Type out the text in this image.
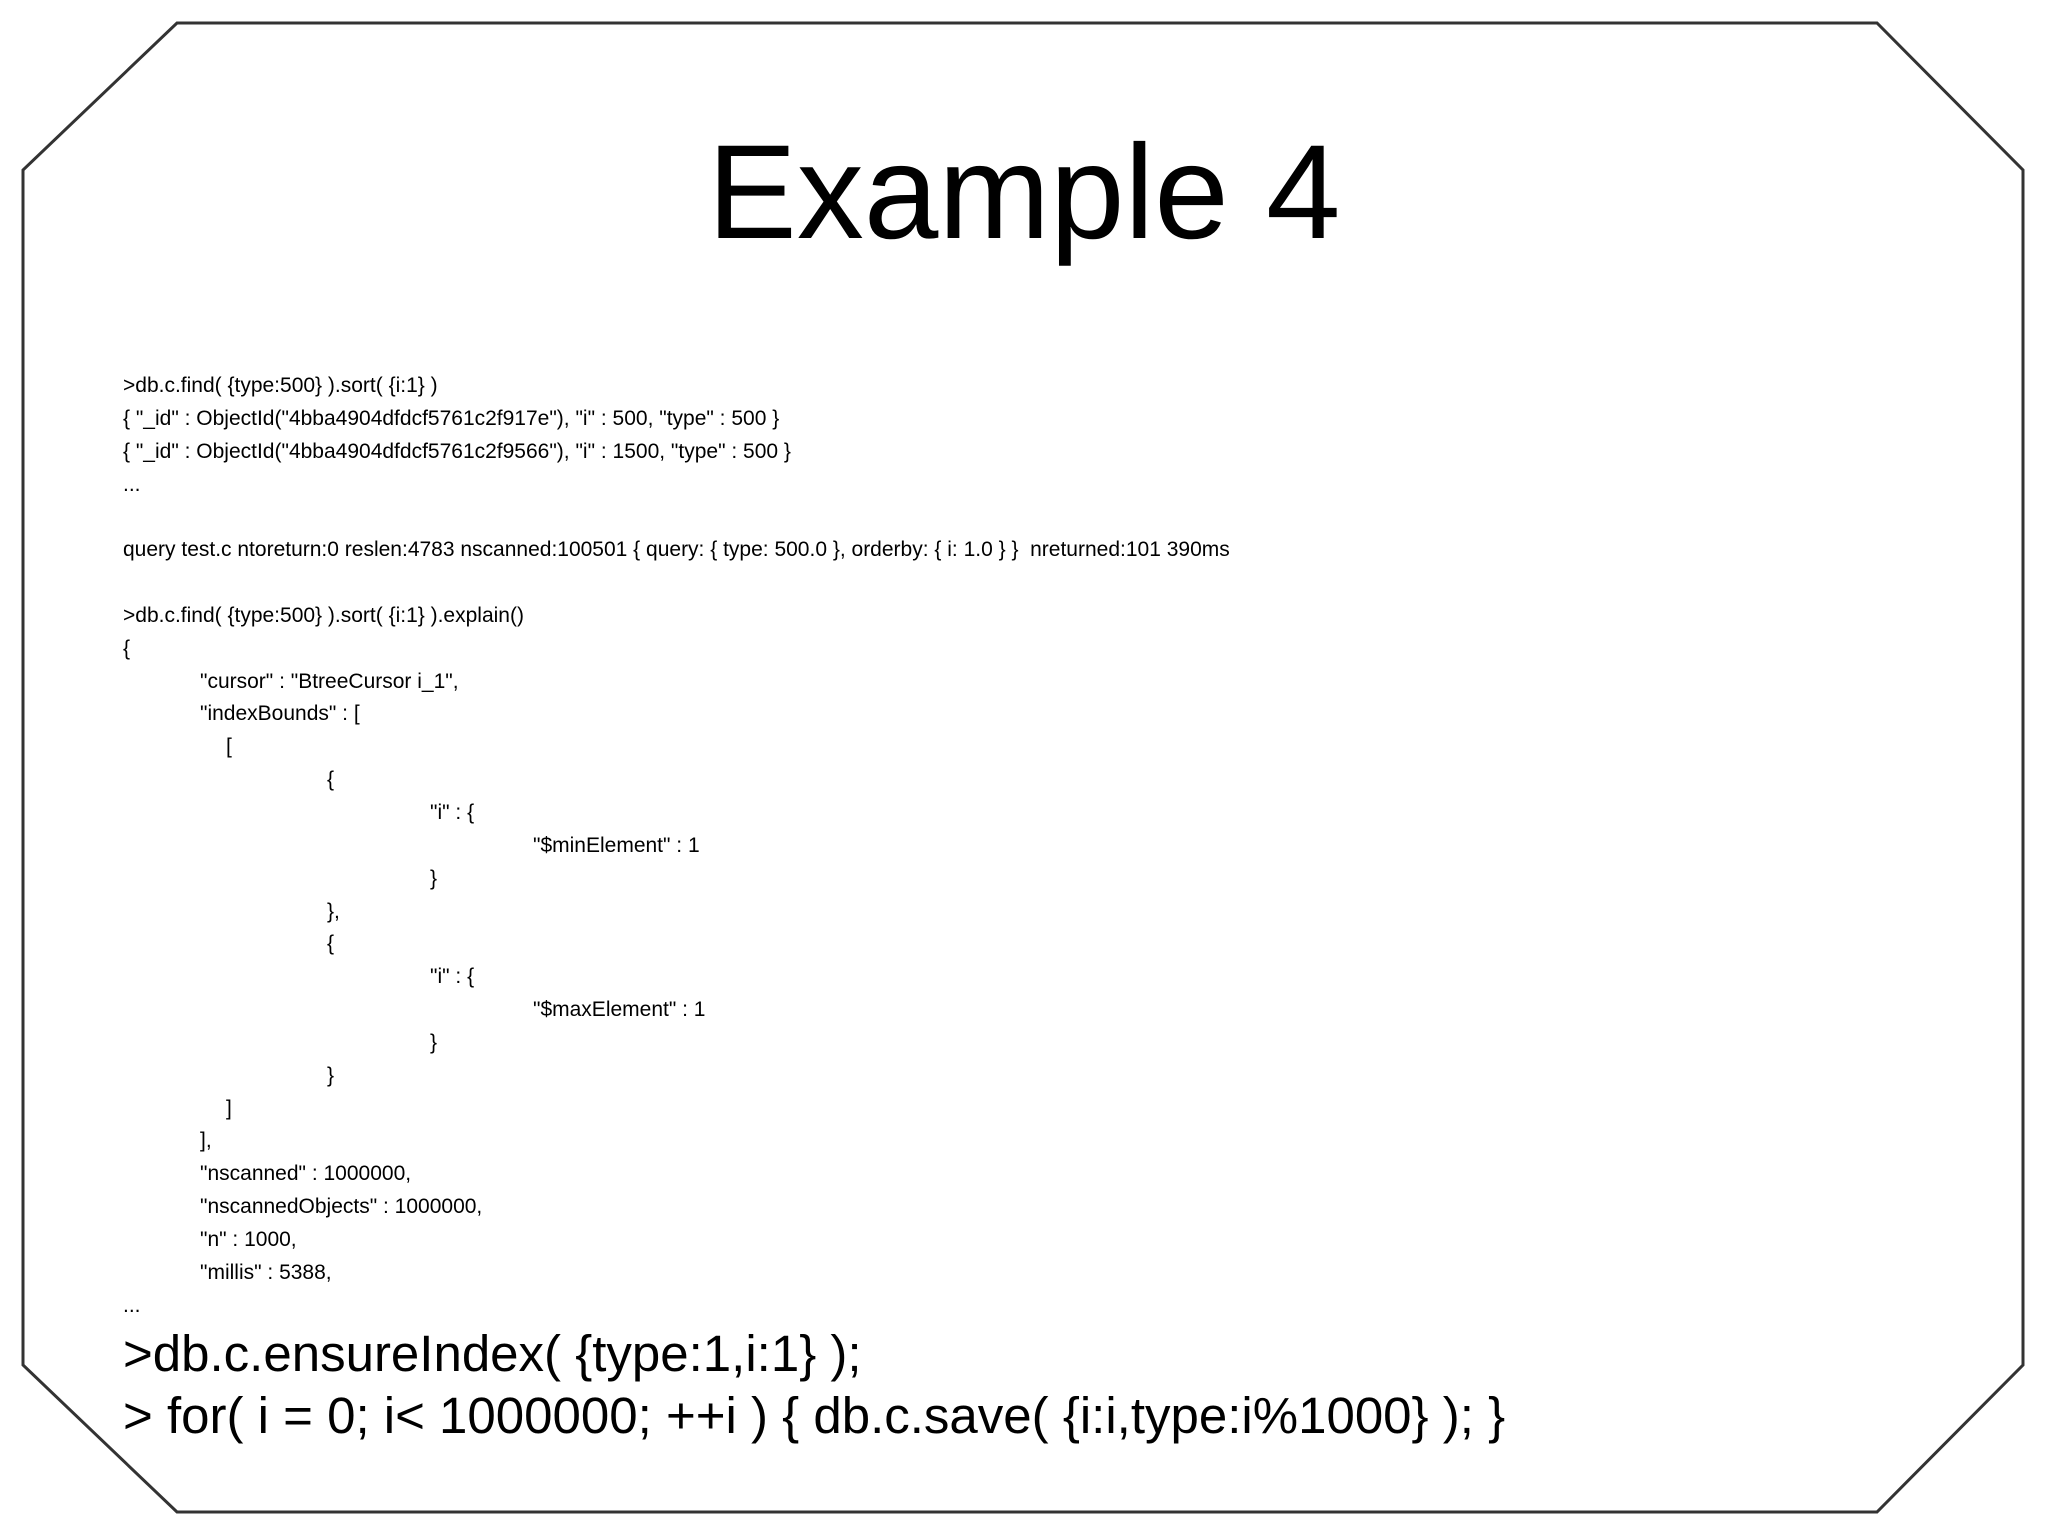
Example 4
>db.c.find( {type:500} ).sort( {i:1} )
{ "_id" : ObjectId("4bba4904dfdcf5761c2f917e"), "i" : 500, "type" : 500 }
{ "_id" : ObjectId("4bba4904dfdcf5761c2f9566"), "i" : 1500, "type" : 500 }
...
query test.c ntoreturn:0 reslen:4783 nscanned:100501 { query: { type: 500.0 }, orderby: { i: 1.0 } }  nreturned:101 390ms
>db.c.find( {type:500} ).sort( {i:1} ).explain()
{
"cursor" : "BtreeCursor i_1",
"indexBounds" : [
[
{
"i" : {
"$minElement" : 1
}
},
{
"i" : {
"$maxElement" : 1
}
}
]
],
"nscanned" : 1000000,
"nscannedObjects" : 1000000,
"n" : 1000,
"millis" : 5388,
...
>db.c.ensureIndex( {type:1,i:1} );
> for( i = 0; i< 1000000; ++i ) { db.c.save( {i:i,type:i%1000} ); }
